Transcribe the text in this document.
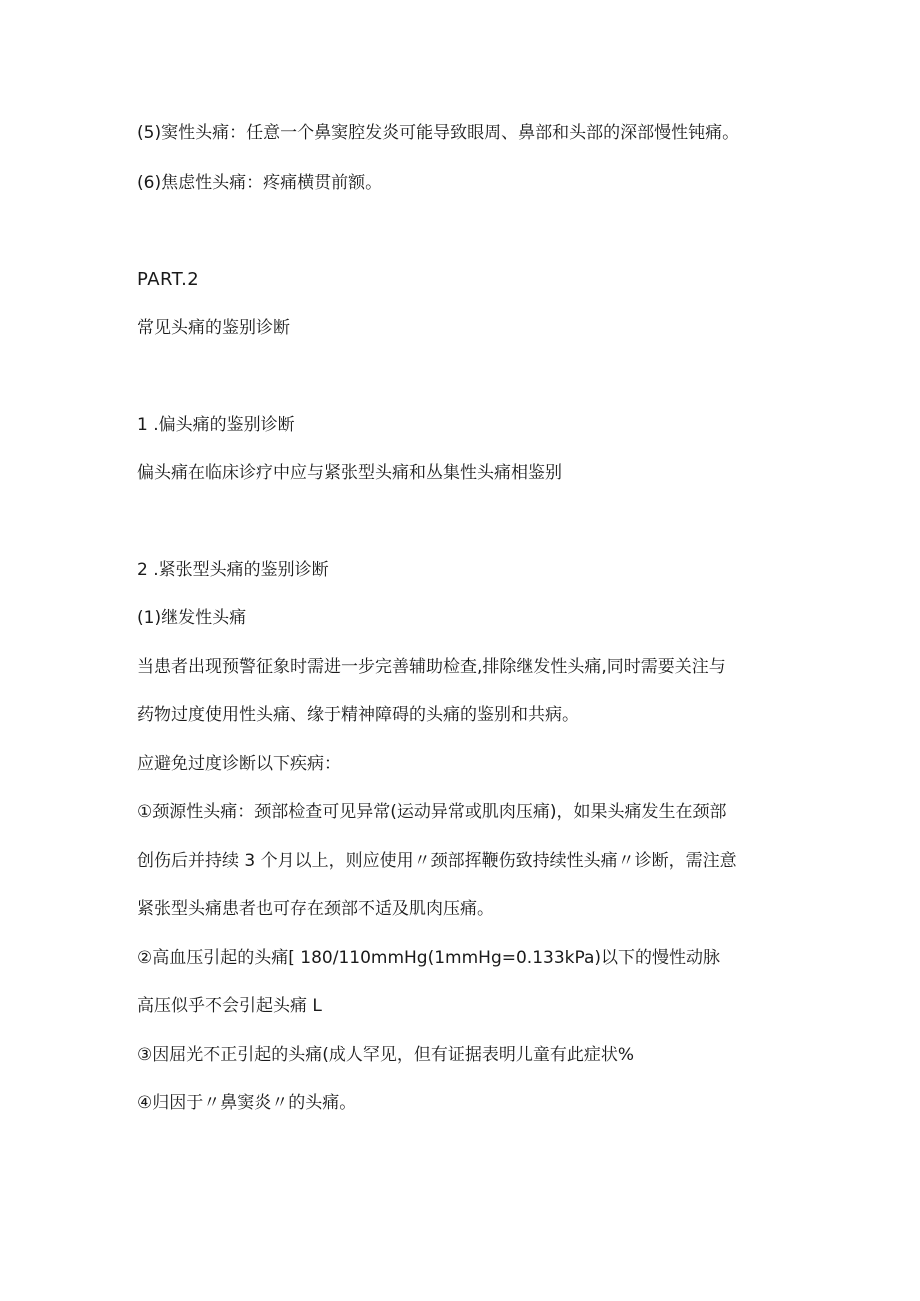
(5)窦性头痛：任意一个鼻窦腔发炎可能导致眼周、鼻部和头部的深部慢性钝痛。

(6)焦虑性头痛：疼痛横贯前额。

PART.2

常见头痛的鉴别诊断

1 .偏头痛的鉴别诊断

偏头痛在临床诊疗中应与紧张型头痛和丛集性头痛相鉴别

2 .紧张型头痛的鉴别诊断

(1)继发性头痛

当患者出现预警征象时需进一步完善辅助检查,排除继发性头痛,同时需要关注与

药物过度使用性头痛、缘于精神障碍的头痛的鉴别和共病。

应避免过度诊断以下疾病：

①颈源性头痛：颈部检查可见异常(运动异常或肌肉压痛)，如果头痛发生在颈部

创伤后并持续 3 个月以上，则应使用〃颈部挥鞭伤致持续性头痛〃诊断，需注意

紧张型头痛患者也可存在颈部不适及肌肉压痛。

②高血压引起的头痛[ 180/110mmHg(1mmHg=0.133kPa)以下的慢性动脉

高压似乎不会引起头痛 L

③因屈光不正引起的头痛(成人罕见，但有证据表明儿童有此症状%

④归因于〃鼻窦炎〃的头痛。
